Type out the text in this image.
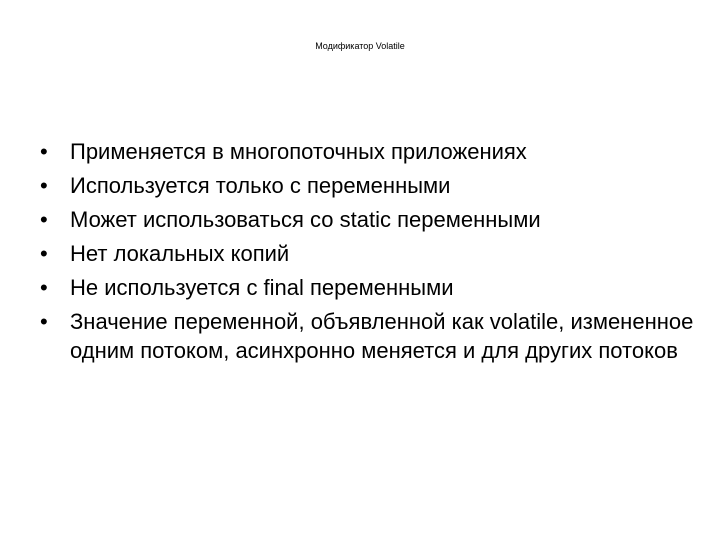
Модификатор Volatile
•	Применяется в многопоточных приложениях
•	Используется только с переменными
•	Может использоваться со static переменными
•	Нет локальных копий
•	Не используется с final переменными
•	Значение переменной, объявленной как volatile, измененное одним потоком, асинхронно меняется и для других потоков
